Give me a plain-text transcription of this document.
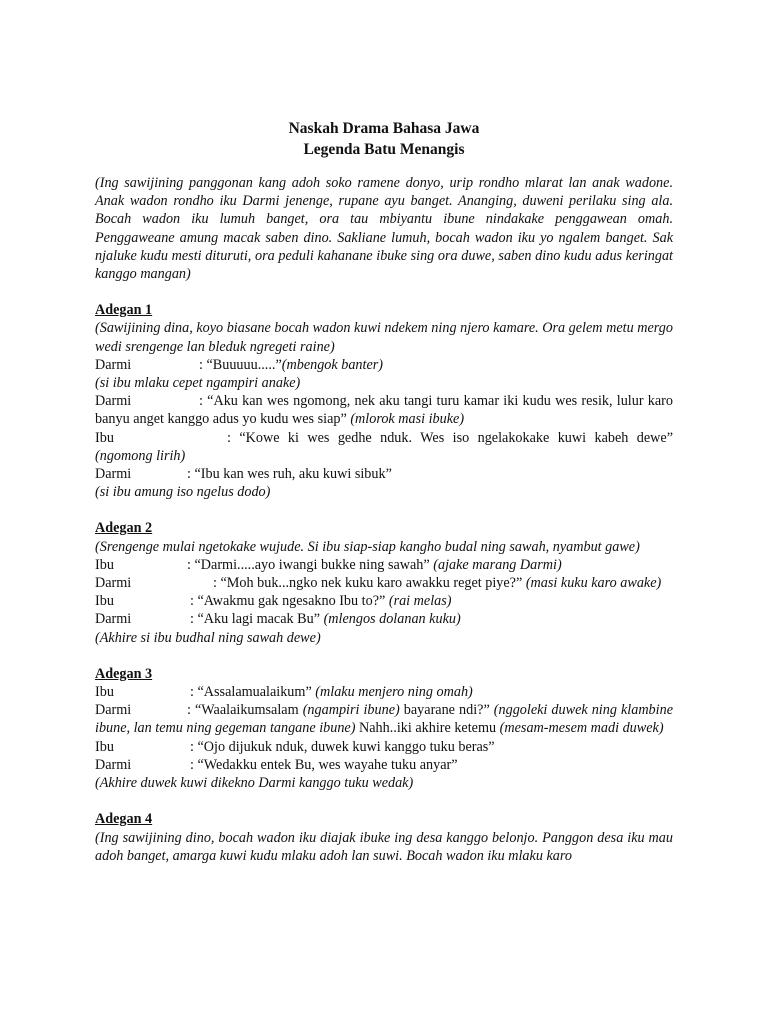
Naskah Drama Bahasa Jawa
Legenda Batu Menangis

(Ing sawijining panggonan kang adoh soko ramene donyo, urip rondho mlarat lan anak wadone. Anak wadon rondho iku Darmi jenenge, rupane ayu banget. Ananging, duweni perilaku sing ala. Bocah wadon iku lumuh banget, ora tau mbiyantu ibune nindakake penggawean omah. Penggaweane amung macak saben dino. Sakliane lumuh, bocah wadon iku yo ngalem banget. Sak njaluke kudu mesti dituruti, ora peduli kahanane ibuke sing ora duwe, saben dino kudu adus keringat kanggo mangan)

Adegan 1

(Sawijining dina, koyo biasane bocah wadon kuwi ndekem ning njero kamare. Ora gelem metu mergo wedi srengenge lan bleduk ngregeti raine)

Darmi	: “Buuuuu.....”(mbengok banter)

(si ibu mlaku cepet ngampiri anake)

Darmi	: “Aku kan wes ngomong, nek aku tangi turu kamar iki kudu wes resik, lulur karo banyu anget kanggo adus yo kudu wes siap” (mlorok masi ibuke)

Ibu	: “Kowe ki wes gedhe nduk. Wes iso ngelakokake kuwi kabeh dewe” (ngomong lirih)

Darmi	: “Ibu kan wes ruh, aku kuwi sibuk”

(si ibu amung iso ngelus dodo)

Adegan 2

(Srengenge mulai ngetokake wujude. Si ibu siap-siap kangho budal ning sawah, nyambut gawe)

Ibu	: “Darmi.....ayo iwangi bukke ning sawah” (ajake marang Darmi)

Darmi	: “Moh buk...ngko nek kuku karo awakku reget piye?” (masi kuku karo awake)

Ibu	: “Awakmu gak ngesakno Ibu to?” (rai melas)

Darmi	: “Aku lagi macak Bu” (mlengos dolanan kuku)

(Akhire si ibu budhal ning sawah dewe)

Adegan 3

Ibu	: “Assalamualaikum” (mlaku menjero ning omah)

Darmi	: “Waalaikumsalam (ngampiri ibune) bayarane ndi?” (nggoleki duwek ning klambine ibune, lan temu ning gegeman tangane ibune) Nahh..iki akhire ketemu (mesam-mesem madi duwek)

Ibu	: “Ojo dijukuk nduk, duwek kuwi kanggo tuku beras”

Darmi	: “Wedakku entek Bu, wes wayahe tuku anyar”

(Akhire duwek kuwi dikekno Darmi kanggo tuku wedak)

Adegan 4

(Ing sawijining dino, bocah wadon iku diajak ibuke ing desa kanggo belonjo. Panggon desa iku mau adoh banget, amarga kuwi kudu mlaku adoh lan suwi. Bocah wadon iku mlaku karo
